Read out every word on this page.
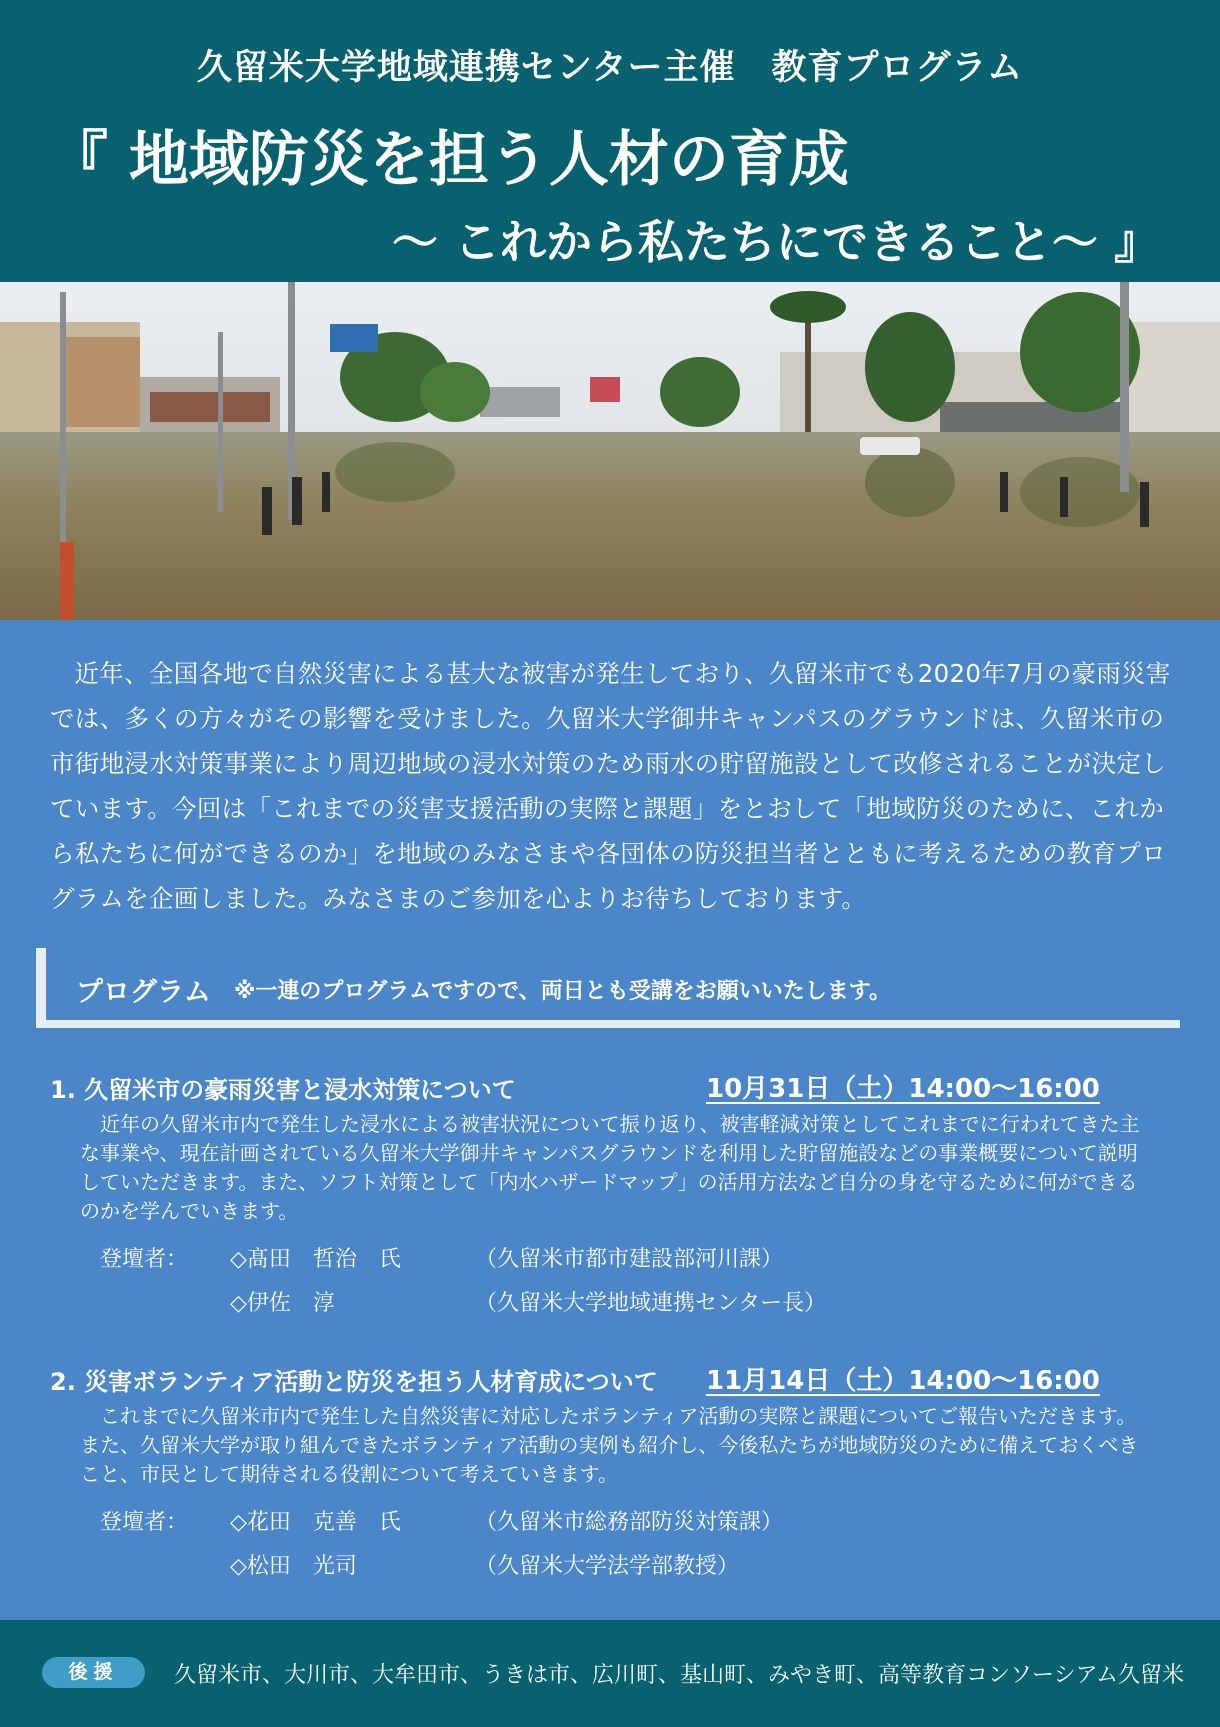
久留米大学地域連携センター主催　教育プログラム
『 地域防災を担う人材の育成
～ これから私たちにできること～ 』
近年、全国各地で自然災害による甚大な被害が発生しており、久留米市でも2020年7月の豪雨災害では、多くの方々がその影響を受けました。久留米大学御井キャンパスのグラウンドは、久留米市の市街地浸水対策事業により周辺地域の浸水対策のため雨水の貯留施設として改修されることが決定しています。今回は「これまでの災害支援活動の実際と課題」をとおして「地域防災のために、これから私たちに何ができるのか」を地域のみなさまや各団体の防災担当者とともに考えるための教育プログラムを企画しました。みなさまのご参加を心よりお待ちしております。
プログラム ※一連のプログラムですので、両日とも受講をお願いいたします。
1. 久留米市の豪雨災害と浸水対策について	10月31日（土）14:00～16:00

近年の久留米市内で発生した浸水による被害状況について振り返り、被害軽減対策としてこれまでに行われてきた主な事業や、現在計画されている久留米大学御井キャンパスグラウンドを利用した貯留施設などの事業概要について説明していただきます。また、ソフト対策として「内水ハザードマップ」の活用方法など自分の身を守るために何ができるのかを学んでいきます。

登壇者： ◇髙田　哲治　氏	（久留米市都市建設部河川課）
◇伊佐　淳	（久留米大学地域連携センター長）
2. 災害ボランティア活動と防災を担う人材育成について 11月14日（土）14:00～16:00

これまでに久留米市内で発生した自然災害に対応したボランティア活動の実際と課題についてご報告いただきます。また、久留米大学が取り組んできたボランティア活動の実例も紹介し、今後私たちが地域防災のために備えておくべきこと、市民として期待される役割について考えていきます。

登壇者： ◇花田　克善　氏	（久留米市総務部防災対策課）
◇松田　光司	（久留米大学法学部教授）
後援	久留米市、大川市、大牟田市、うきは市、広川町、基山町、みやき町、高等教育コンソーシアム久留米
